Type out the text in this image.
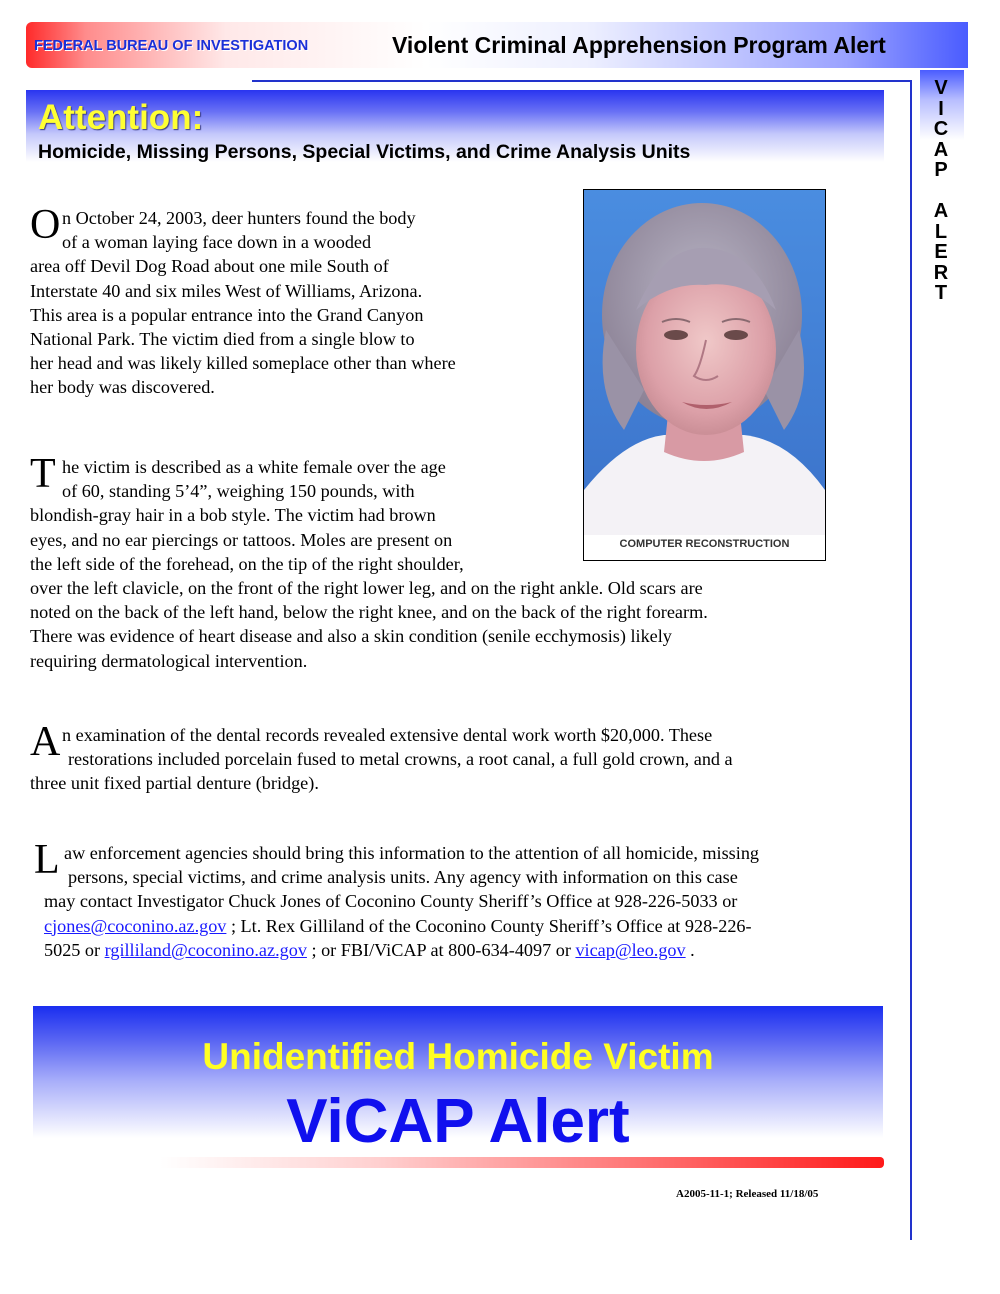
FEDERAL BUREAU OF INVESTIGATION	Violent Criminal Apprehension Program Alert
V
I
C
A
P
A
L
E
R
T
Attention:
Homicide, Missing Persons, Special Victims, and Crime Analysis Units
COMPUTER RECONSTRUCTION
O n October 24, 2003, deer hunters found the body
of a woman laying face down in a wooded
area off Devil Dog Road about one mile South of
Interstate 40 and six miles West of Williams, Arizona.
This area is a popular entrance into the Grand Canyon
National Park. The victim died from a single blow to
her head and was likely killed someplace other than where
her body was discovered.
T he victim is described as a white female over the age
of 60, standing 5’4”, weighing 150 pounds, with
blondish-gray hair in a bob style. The victim had brown
eyes, and no ear piercings or tattoos. Moles are present on
the left side of the forehead, on the tip of the right shoulder,
over the left clavicle, on the front of the right lower leg, and on the right ankle. Old scars are
noted on the back of the left hand, below the right knee, and on the back of the right forearm.
There was evidence of heart disease and also a skin condition (senile ecchymosis) likely
requiring dermatological intervention.
A n examination of the dental records revealed extensive dental work worth $20,000. These
restorations included porcelain fused to metal crowns, a root canal, a full gold crown, and a
three unit fixed partial denture (bridge).
L aw enforcement agencies should bring this information to the attention of all homicide, missing
persons, special victims, and crime analysis units. Any agency with information on this case
may contact Investigator Chuck Jones of Coconino County Sheriff’s Office at 928-226-5033 or
cjones@coconino.az.gov ; Lt. Rex Gilliland of the Coconino County Sheriff’s Office at 928-226-
5025 or rgilliland@coconino.az.gov ; or FBI/ViCAP at 800-634-4097 or vicap@leo.gov .
Unidentified Homicide Victim
ViCAP Alert
A2005-11-1; Released 11/18/05
